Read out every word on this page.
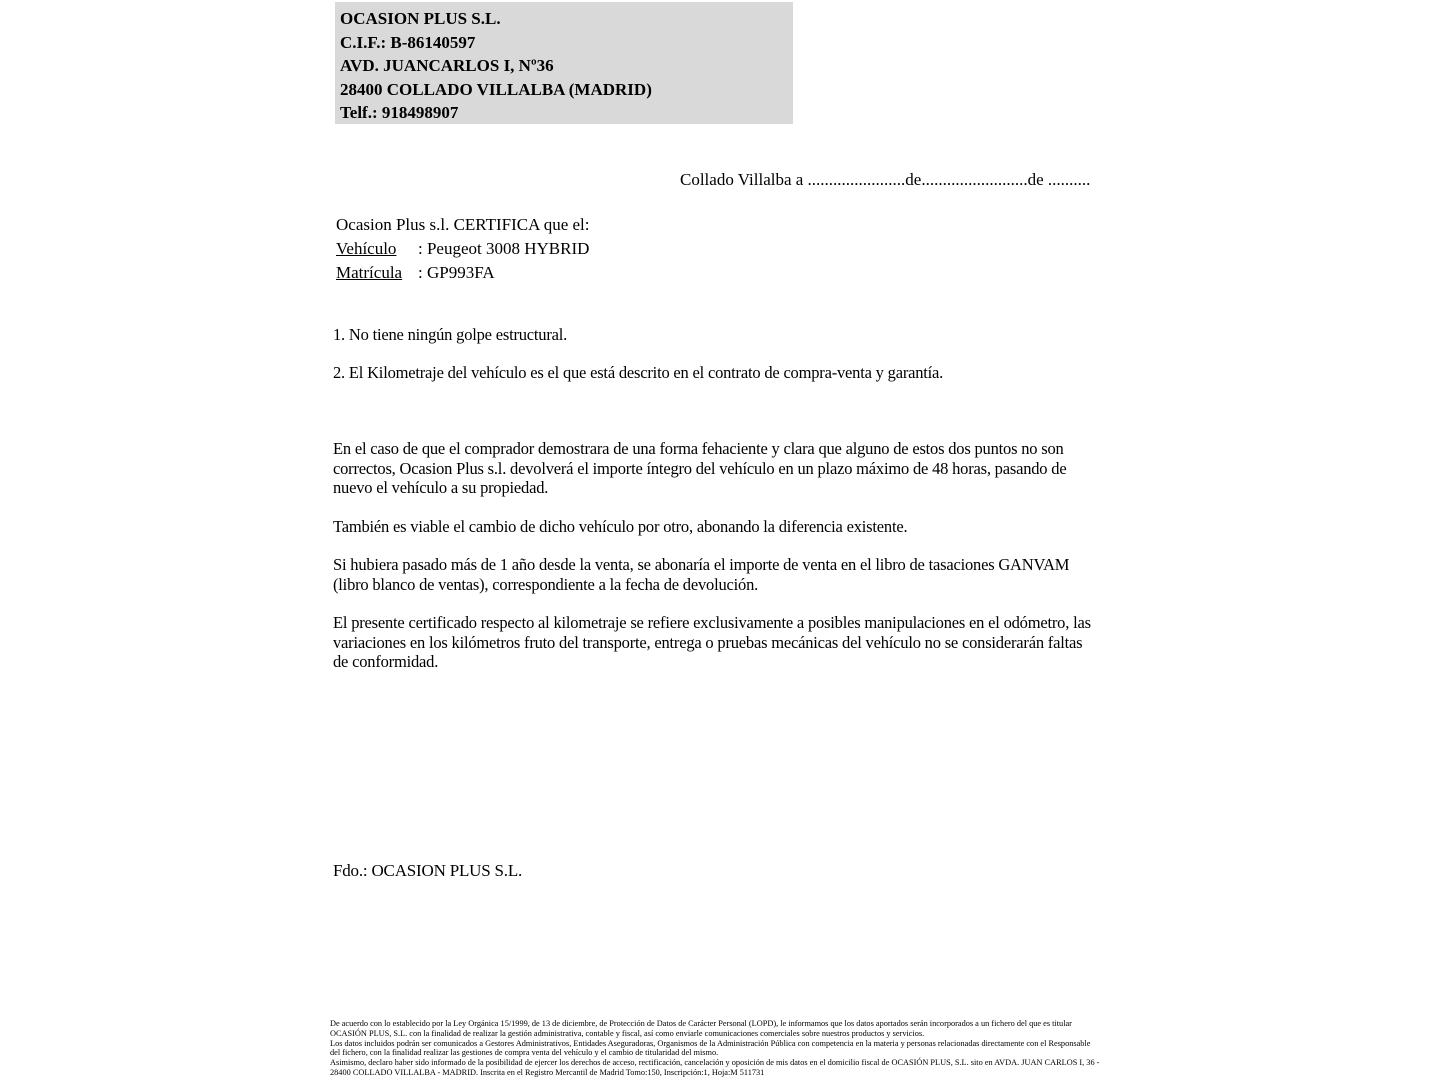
OCASION PLUS S.L.
C.I.F.: B-86140597
AVD. JUANCARLOS I, Nº36
28400 COLLADO VILLALBA (MADRID)
Telf.: 918498907
Collado Villalba a .......................de.........................de ..........
Ocasion Plus s.l. CERTIFICA que el:
Vehículo : Peugeot 3008 HYBRID
Matrícula : GP993FA
1. No tiene ningún golpe estructural.
2. El Kilometraje del vehículo es el que está descrito en el contrato de compra-venta y garantía.

En el caso de que el comprador demostrara de una forma fehaciente y clara que alguno de estos dos puntos no son correctos, Ocasion Plus s.l. devolverá el importe íntegro del vehículo en un plazo máximo de 48 horas, pasando de nuevo el vehículo a su propiedad.

También es viable el cambio de dicho vehículo por otro, abonando la diferencia existente.

Si hubiera pasado más de 1 año desde la venta, se abonaría el importe de venta en el libro de tasaciones GANVAM (libro blanco de ventas), correspondiente a la fecha de devolución.

El presente certificado respecto al kilometraje se refiere exclusivamente a posibles manipulaciones en el odómetro, las variaciones en los kilómetros fruto del transporte, entrega o pruebas mecánicas del vehículo no se considerarán faltas de conformidad.

Fdo.: OCASION PLUS S.L.

De acuerdo con lo establecido por la Ley Orgánica 15/1999, de 13 de diciembre, de Protección de Datos de Carácter Personal (LOPD), le informamos que los datos aportados serán incorporados a un fichero del que es titular OCASIÓN PLUS, S.L. con la finalidad de realizar la gestión administrativa, contable y fiscal, así como enviarle comunicaciones comerciales sobre nuestros productos y servicios.

Los datos incluidos podrán ser comunicados a Gestores Administrativos, Entidades Aseguradoras, Organismos de la Administración Pública con competencia en la materia y personas relacionadas directamente con el Responsable del fichero, con la finalidad realizar las gestiones de compra venta del vehículo y el cambio de titularidad del mismo.

Asimismo, declaro haber sido informado de la posibilidad de ejercer los derechos de acceso, rectificación, cancelación y oposición de mis datos en el domicilio fiscal de OCASIÓN PLUS, S.L. sito en AVDA. JUAN CARLOS I, 36 - 28400 COLLADO VILLALBA - MADRID. Inscrita en el Registro Mercantil de Madrid Tomo:150, Inscripción:1, Hoja:M 511731
